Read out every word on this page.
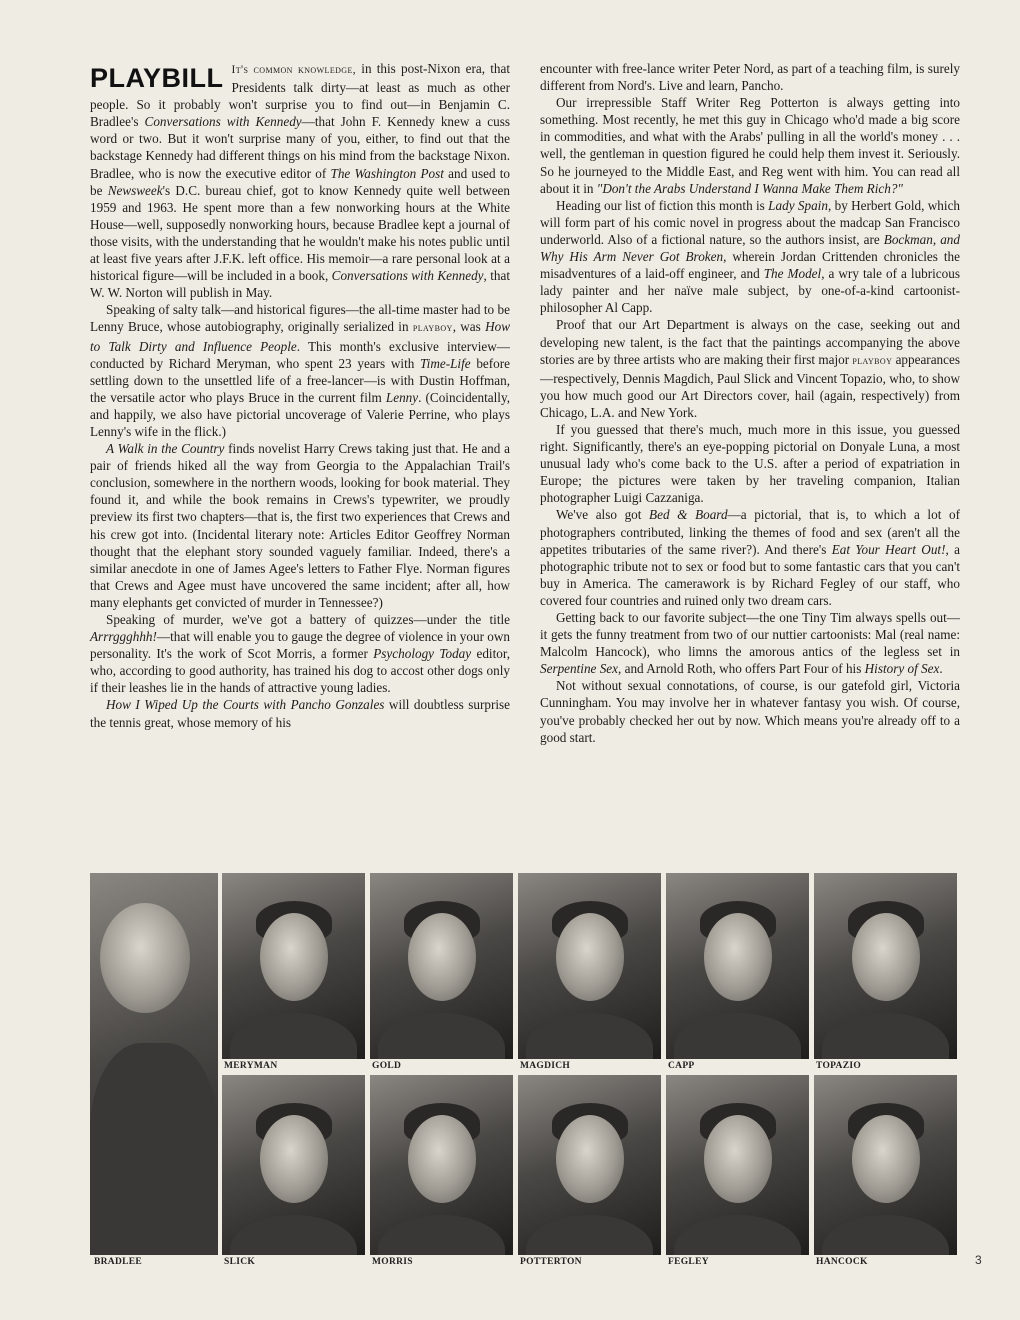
PLAYBILL It's common knowledge, in this post-Nixon era, that Presidents talk dirty—at least as much as other people. So it probably won't surprise you to find out—in Benjamin C. Bradlee's Conversations with Kennedy—that John F. Kennedy knew a cuss word or two. But it won't surprise many of you, either, to find out that the backstage Kennedy had different things on his mind from the backstage Nixon. Bradlee, who is now the executive editor of The Washington Post and used to be Newsweek's D.C. bureau chief, got to know Kennedy quite well between 1959 and 1963. He spent more than a few nonworking hours at the White House—well, supposedly nonworking hours, because Bradlee kept a journal of those visits, with the understanding that he wouldn't make his notes public until at least five years after J.F.K. left office. His memoir—a rare personal look at a historical figure—will be included in a book, Conversations with Kennedy, that W. W. Norton will publish in May.

Speaking of salty talk—and historical figures—the all-time master had to be Lenny Bruce, whose autobiography, originally serialized in playboy, was How to Talk Dirty and Influence People. This month's exclusive interview—conducted by Richard Meryman, who spent 23 years with Time-Life before settling down to the unsettled life of a free-lancer—is with Dustin Hoffman, the versatile actor who plays Bruce in the current film Lenny. (Coincidentally, and happily, we also have pictorial uncoverage of Valerie Perrine, who plays Lenny's wife in the flick.)

A Walk in the Country finds novelist Harry Crews taking just that. He and a pair of friends hiked all the way from Georgia to the Appalachian Trail's conclusion, somewhere in the northern woods, looking for book material. They found it, and while the book remains in Crews's typewriter, we proudly preview its first two chapters—that is, the first two experiences that Crews and his crew got into. (Incidental literary note: Articles Editor Geoffrey Norman thought that the elephant story sounded vaguely familiar. Indeed, there's a similar anecdote in one of James Agee's letters to Father Flye. Norman figures that Crews and Agee must have uncovered the same incident; after all, how many elephants get convicted of murder in Tennessee?)

Speaking of murder, we've got a battery of quizzes—under the title Arrrggghhh!—that will enable you to gauge the degree of violence in your own personality. It's the work of Scot Morris, a former Psychology Today editor, who, according to good authority, has trained his dog to accost other dogs only if their leashes lie in the hands of attractive young ladies.

How I Wiped Up the Courts with Pancho Gonzales will doubtless surprise the tennis great, whose memory of his

encounter with free-lance writer Peter Nord, as part of a teaching film, is surely different from Nord's. Live and learn, Pancho.

Our irrepressible Staff Writer Reg Potterton is always getting into something. Most recently, he met this guy in Chicago who'd made a big score in commodities, and what with the Arabs' pulling in all the world's money . . . well, the gentleman in question figured he could help them invest it. Seriously. So he journeyed to the Middle East, and Reg went with him. You can read all about it in "Don't the Arabs Understand I Wanna Make Them Rich?"

Heading our list of fiction this month is Lady Spain, by Herbert Gold, which will form part of his comic novel in progress about the madcap San Francisco underworld. Also of a fictional nature, so the authors insist, are Bockman, and Why His Arm Never Got Broken, wherein Jordan Crittenden chronicles the misadventures of a laid-off engineer, and The Model, a wry tale of a lubricous lady painter and her naïve male subject, by one-of-a-kind cartoonist-philosopher Al Capp.

Proof that our Art Department is always on the case, seeking out and developing new talent, is the fact that the paintings accompanying the above stories are by three artists who are making their first major playboy appearances—respectively, Dennis Magdich, Paul Slick and Vincent Topazio, who, to show you how much good our Art Directors cover, hail (again, respectively) from Chicago, L.A. and New York.

If you guessed that there's much, much more in this issue, you guessed right. Significantly, there's an eye-popping pictorial on Donyale Luna, a most unusual lady who's come back to the U.S. after a period of expatriation in Europe; the pictures were taken by her traveling companion, Italian photographer Luigi Cazzaniga.

We've also got Bed & Board—a pictorial, that is, to which a lot of photographers contributed, linking the themes of food and sex (aren't all the appetites tributaries of the same river?). And there's Eat Your Heart Out!, a photographic tribute not to sex or food but to some fantastic cars that you can't buy in America. The camerawork is by Richard Fegley of our staff, who covered four countries and ruined only two dream cars.

Getting back to our favorite subject—the one Tiny Tim always spells out—it gets the funny treatment from two of our nuttier cartoonists: Mal (real name: Malcolm Hancock), who limns the amorous antics of the legless set in Serpentine Sex, and Arnold Roth, who offers Part Four of his History of Sex.

Not without sexual connotations, of course, is our gatefold girl, Victoria Cunningham. You may involve her in whatever fantasy you wish. Of course, you've probably checked her out by now. Which means you're already off to a good start.

MERYMAN	GOLD	MAGDICH	CAPP	TOPAZIO
BRADLEE	SLICK	MORRIS	POTTERTON	FEGLEY	HANCOCK	3
